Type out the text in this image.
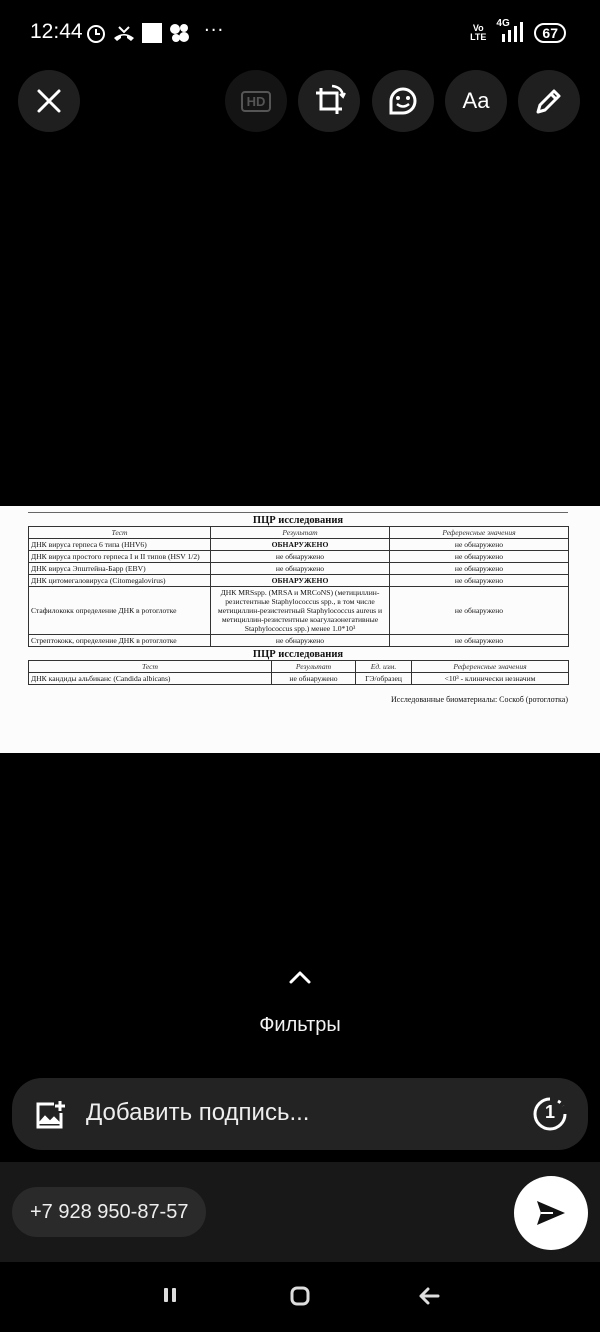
12:44	···	Vo
LTE
4G
67
HD	Aa
ПЦР исследования
Тест	Результат	Референсные значения
ДНК вируса герпеса 6 типа (HHV6)	ОБНАРУЖЕНО	не обнаружено
ДНК вируса простого герпеса I и II типов (HSV 1/2)	не обнаружено	не обнаружено
ДНК вируса Эпштейна-Барр (EBV)	не обнаружено	не обнаружено
ДНК цитомегаловируса (Citomegalovirus)	ОБНАРУЖЕНО	не обнаружено
Стафилококк определение ДНК в ротоглотке	ДНК MRSspp. (MRSA и MRCoNS) (метициллин-резистентные Staphylococcus spp., в том числе метициллин-резистентный Staphylococcus aureus и метициллин-резистентные коагулазонегативные Staphylococcus spp.) менее 1.0*10³	не обнаружено
Стрептококк, определение ДНК в ротоглотке	не обнаружено	не обнаружено
ПЦР исследования
Тест	Результат	Ед. изм.	Референсные значения
ДНК кандиды альбиканс (Candida albicans)	не обнаружено	ГЭ/образец	<10³ - клинически незначим
Исследованные биоматериалы: Соскоб (ротоглотка)
Фильтры
Добавить подпись...	1
+7 928 950-87-57
